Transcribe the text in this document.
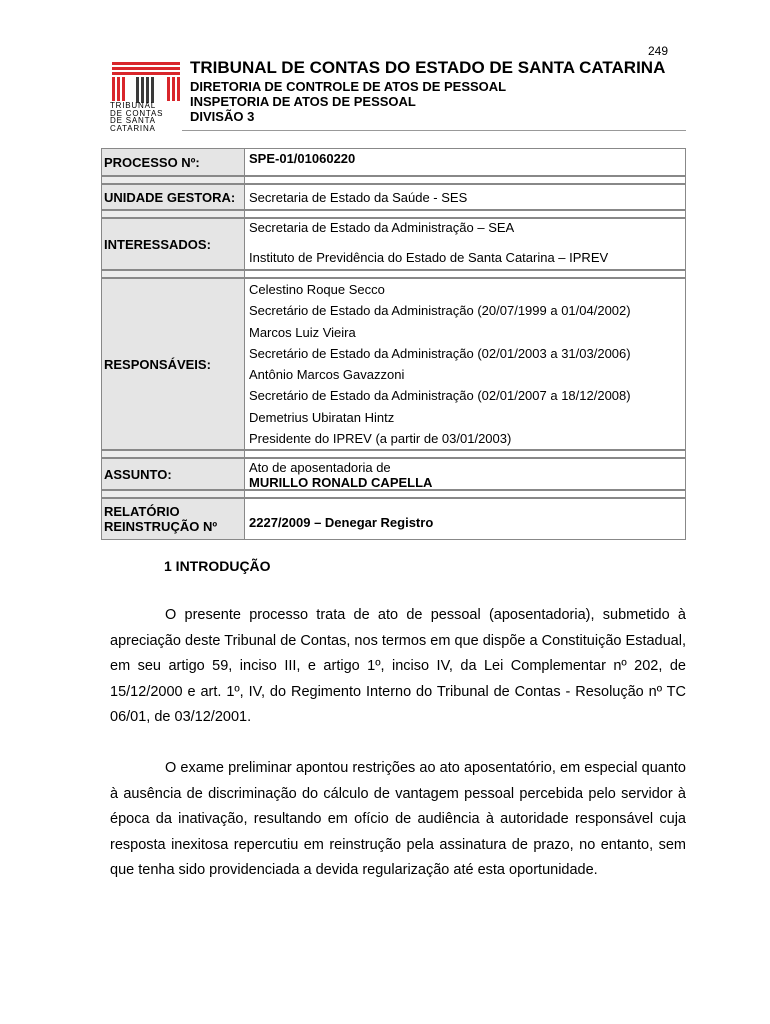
249
TRIBUNAL
DE CONTAS
DE SANTA
CATARINA
TRIBUNAL DE CONTAS DO ESTADO DE SANTA CATARINA
DIRETORIA DE CONTROLE DE ATOS DE PESSOAL
INSPETORIA DE ATOS DE PESSOAL
DIVISÃO 3
PROCESSO Nº:	SPE-01/01060220
UNIDADE GESTORA:	Secretaria de Estado da Saúde - SES
INTERESSADOS:
Secretaria de Estado da Administração – SEA
Instituto de Previdência do Estado de Santa Catarina – IPREV
RESPONSÁVEIS:
Celestino Roque Secco
Secretário de Estado da Administração (20/07/1999 a 01/04/2002)
Marcos Luiz Vieira
Secretário de Estado da Administração (02/01/2003 a 31/03/2006)
Antônio Marcos Gavazzoni
Secretário de Estado da Administração (02/01/2007 a 18/12/2008)
Demetrius Ubiratan Hintz
Presidente do IPREV (a partir de 03/01/2003)
ASSUNTO:	Ato de aposentadoria de
MURILLO RONALD CAPELLA
RELATÓRIO
REINSTRUÇÃO Nº	2227/2009 – Denegar Registro
1 INTRODUÇÃO

O presente processo trata de ato de pessoal (aposentadoria), submetido à apreciação deste Tribunal de Contas, nos termos em que dispõe a Constituição Estadual, em seu artigo 59, inciso III, e artigo 1º, inciso IV, da Lei Complementar nº 202, de 15/12/2000 e art. 1º, IV, do Regimento Interno do Tribunal de Contas - Resolução nº TC 06/01, de 03/12/2001.

O exame preliminar apontou restrições ao ato aposentatório, em especial quanto à ausência de discriminação do cálculo de vantagem pessoal percebida pelo servidor à época da inativação, resultando em ofício de audiência à autoridade responsável cuja resposta inexitosa repercutiu em reinstrução pela assinatura de prazo, no entanto, sem que tenha sido providenciada a devida regularização até esta oportunidade.
